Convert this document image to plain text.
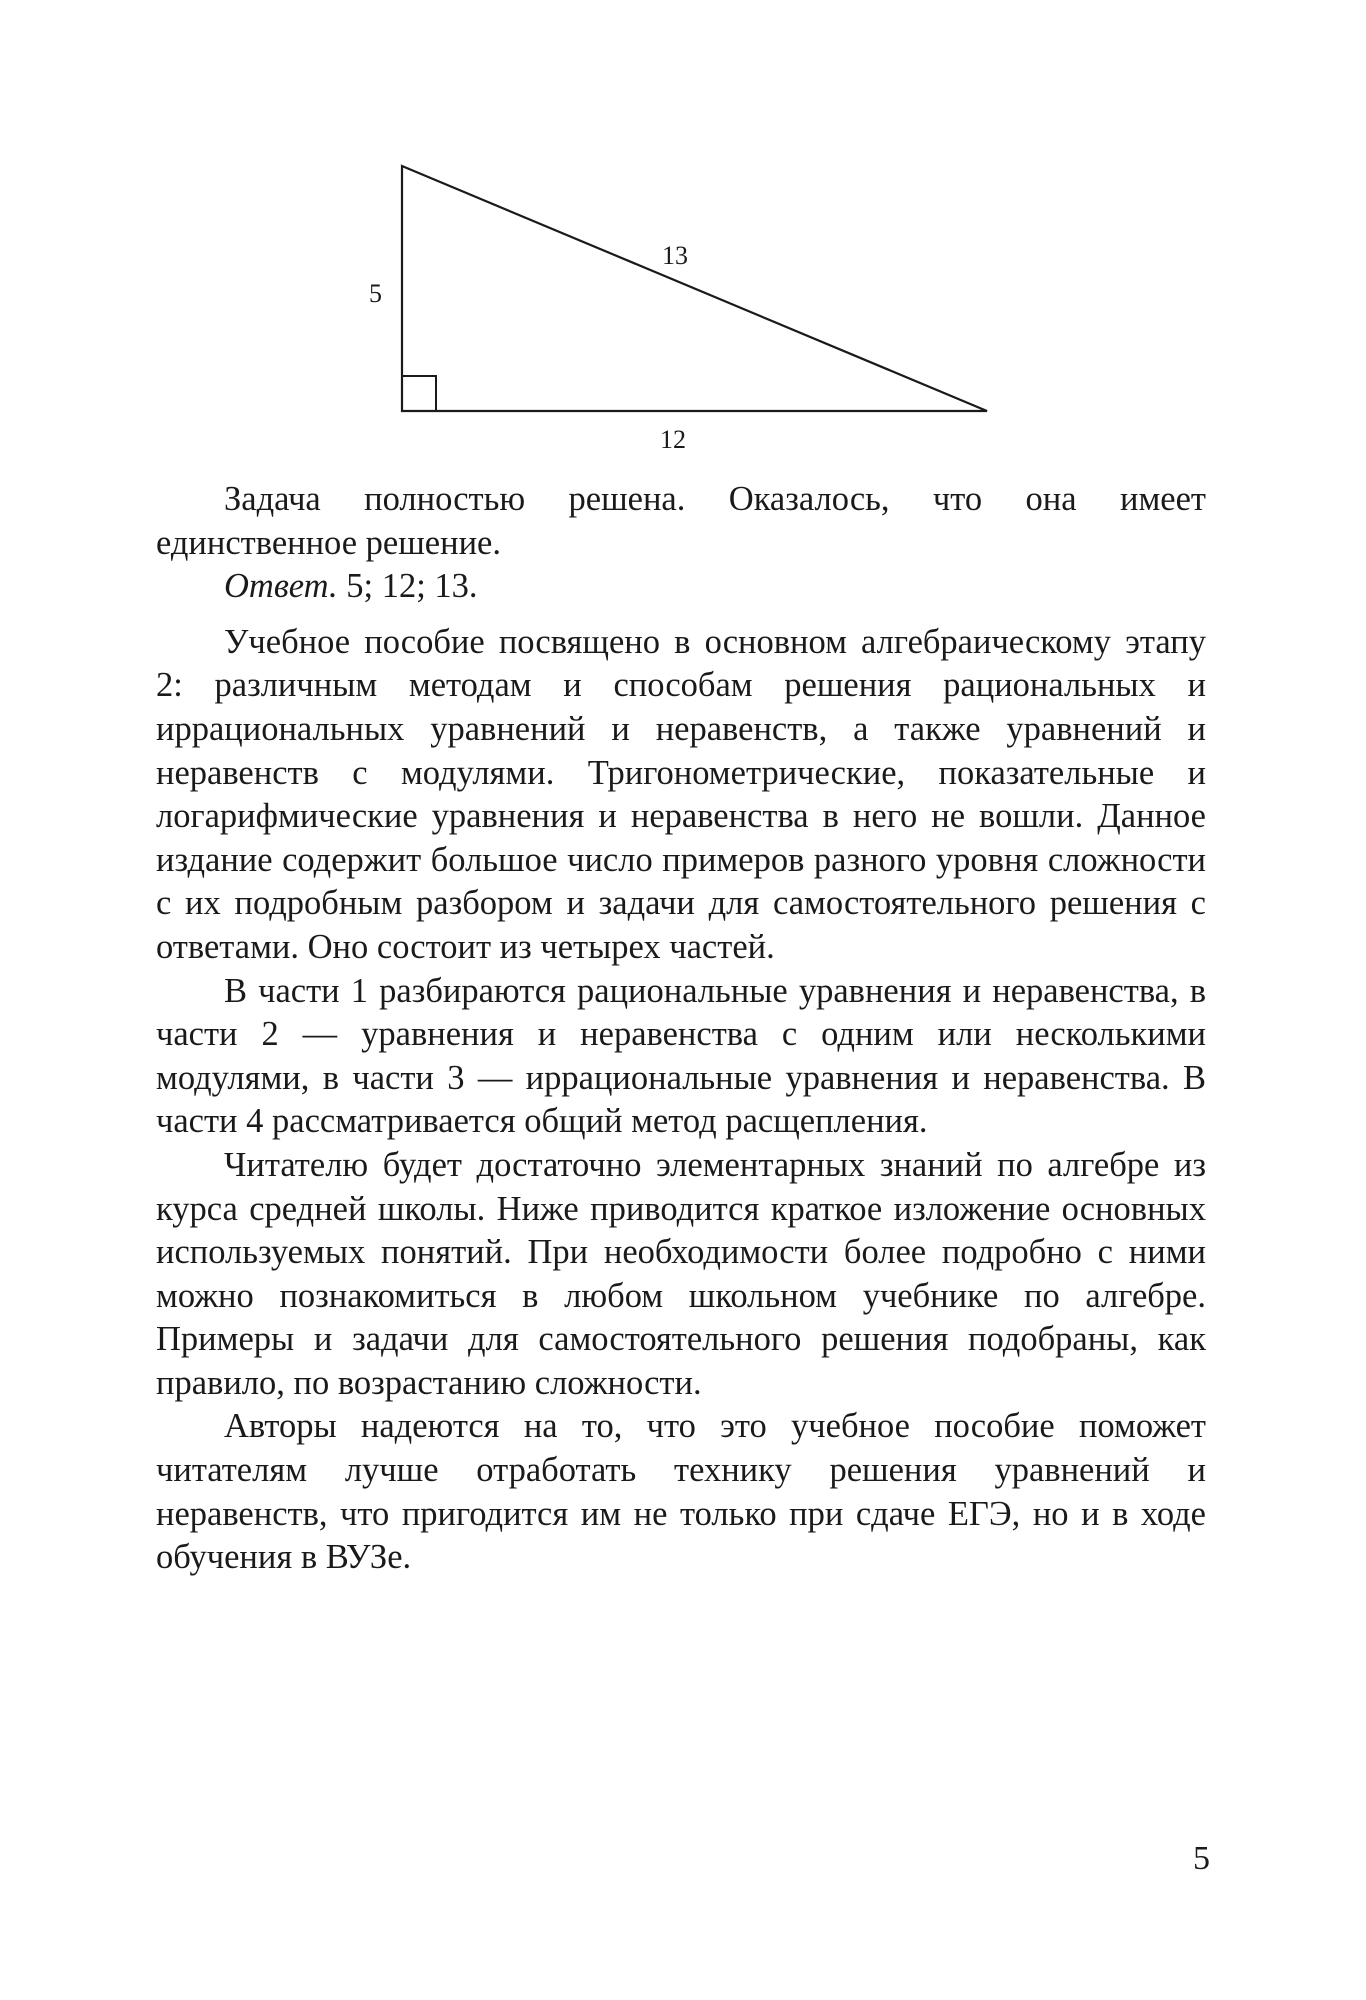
5
13
12

Задача полностью решена. Оказалось, что она имеет единственное решение.

Ответ. 5; 12; 13.

Учебное пособие посвящено в основном алгебраическому этапу 2: различным методам и способам решения рациональных и иррациональных уравнений и неравенств, а также уравнений и неравенств с модулями. Тригонометрические, показательные и логарифмические уравнения и неравенства в него не вошли. Данное издание содержит большое число примеров разного уровня сложности с их подробным разбором и задачи для самостоятельного решения с ответами. Оно состоит из четырех частей.

В части 1 разбираются рациональные уравнения и неравенства, в части 2 — уравнения и неравенства с одним или несколькими модулями, в части 3 — иррациональные уравнения и неравенства. В части 4 рассматривается общий метод расщепления.

Читателю будет достаточно элементарных знаний по алгебре из курса средней школы. Ниже приводится краткое изложение основных используемых понятий. При необходимости более подробно с ними можно познакомиться в любом школьном учебнике по алгебре. Примеры и задачи для самостоятельного решения подобраны, как правило, по возрастанию сложности.

Авторы надеются на то, что это учебное пособие поможет читателям лучше отработать технику решения уравнений и неравенств, что пригодится им не только при сдаче ЕГЭ, но и в ходе обучения в ВУЗе.

5
